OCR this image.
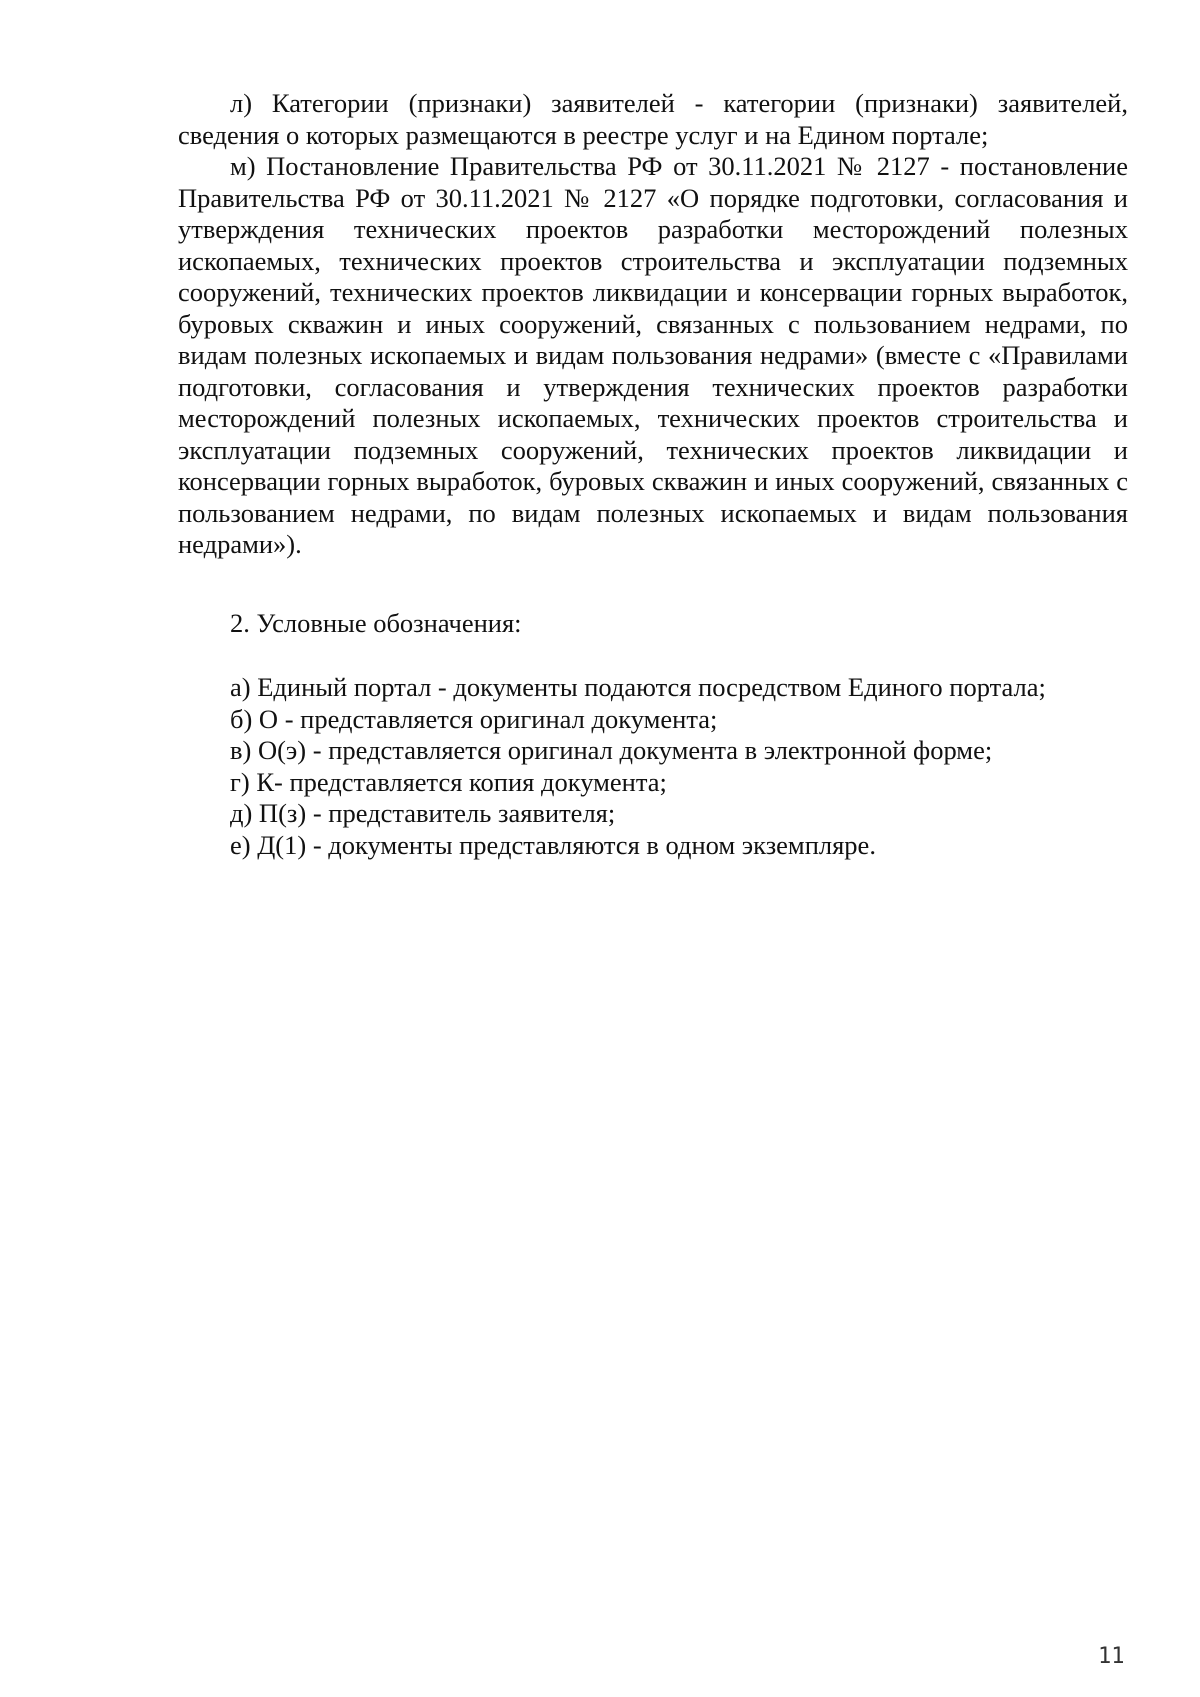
л) Категории (признаки) заявителей - категории (признаки) заявителей, сведения о которых размещаются в реестре услуг и на Едином портале;

м) Постановление Правительства РФ от 30.11.2021 № 2127 - постановление Правительства РФ от 30.11.2021 № 2127 «О порядке подготовки, согласования и утверждения технических проектов разработки месторождений полезных ископаемых, технических проектов строительства и эксплуатации подземных сооружений, технических проектов ликвидации и консервации горных выработок, буровых скважин и иных сооружений, связанных с пользованием недрами, по видам полезных ископаемых и видам пользования недрами» (вместе с «Правилами подготовки, согласования и утверждения технических проектов разработки месторождений полезных ископаемых, технических проектов строительства и эксплуатации подземных сооружений, технических проектов ликвидации и консервации горных выработок, буровых скважин и иных сооружений, связанных с пользованием недрами, по видам полезных ископаемых и видам пользования недрами»).

2. Условные обозначения:

а) Единый портал - документы подаются посредством Единого портала;

б) О - представляется оригинал документа;

в) О(э) - представляется оригинал документа в электронной форме;

г) К- представляется копия документа;

д) П(з) - представитель заявителя;

е) Д(1) - документы представляются в одном экземпляре.

11
